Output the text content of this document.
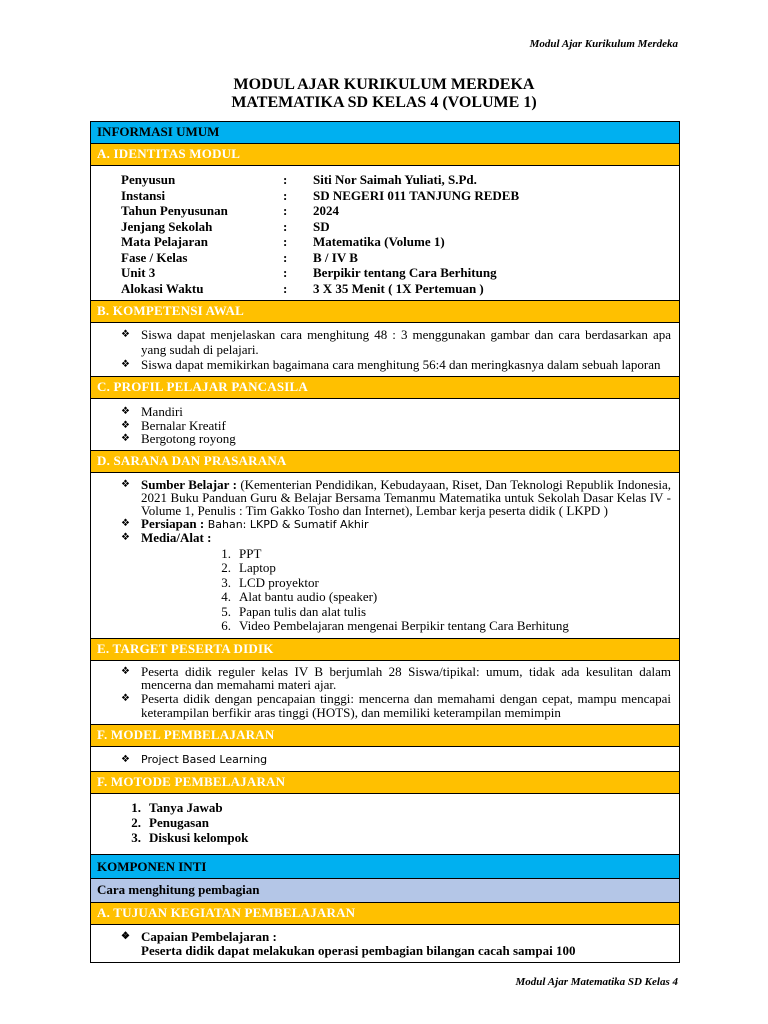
Modul Ajar Kurikulum Merdeka
MODUL AJAR KURIKULUM MERDEKA
MATEMATIKA SD KELAS 4 (VOLUME 1)
INFORMASI UMUM
A. IDENTITAS MODUL
Penyusun	:	Siti Nor Saimah Yuliati, S.Pd.
Instansi	:	SD NEGERI 011 TANJUNG REDEB
Tahun Penyusunan	:	2024
Jenjang Sekolah	:	SD
Mata Pelajaran	:	Matematika (Volume 1)
Fase / Kelas	:	B / IV B
Unit 3	:	Berpikir tentang Cara Berhitung
Alokasi Waktu	:	3 X 35 Menit ( 1X Pertemuan )
B. KOMPETENSI AWAL
❖ Siswa dapat menjelaskan cara menghitung 48 : 3 menggunakan gambar dan cara berdasarkan apa yang sudah di pelajari.
❖ Siswa dapat memikirkan bagaimana cara menghitung 56:4 dan meringkasnya dalam sebuah laporan
C. PROFIL PELAJAR PANCASILA
❖ Mandiri
❖ Bernalar Kreatif
❖ Bergotong royong
D. SARANA DAN PRASARANA
❖ Sumber Belajar : (Kementerian Pendidikan, Kebudayaan, Riset, Dan Teknologi Republik Indonesia, 2021 Buku Panduan Guru & Belajar Bersama Temanmu Matematika untuk Sekolah Dasar Kelas IV - Volume 1, Penulis : Tim Gakko Tosho dan Internet), Lembar kerja peserta didik ( LKPD )
❖ Persiapan : Bahan: LKPD & Sumatif Akhir
❖ Media/Alat :
1. PPT
2. Laptop
3. LCD proyektor
4. Alat bantu audio (speaker)
5. Papan tulis dan alat tulis
6. Video Pembelajaran mengenai Berpikir tentang Cara Berhitung
E. TARGET PESERTA DIDIK
❖ Peserta didik reguler kelas IV B berjumlah 28 Siswa/tipikal: umum, tidak ada kesulitan dalam mencerna dan memahami materi ajar.
❖ Peserta didik dengan pencapaian tinggi: mencerna dan memahami dengan cepat, mampu mencapai keterampilan berfikir aras tinggi (HOTS), dan memiliki keterampilan memimpin
F. MODEL PEMBELAJARAN
❖ Project Based Learning
F. MOTODE PEMBELAJARAN
1. Tanya Jawab
2. Penugasan
3. Diskusi kelompok
KOMPONEN INTI
Cara menghitung pembagian
A. TUJUAN KEGIATAN PEMBELAJARAN
❖ Capaian Pembelajaran :
Peserta didik dapat melakukan operasi pembagian bilangan cacah sampai 100
Modul Ajar Matematika SD Kelas 4
